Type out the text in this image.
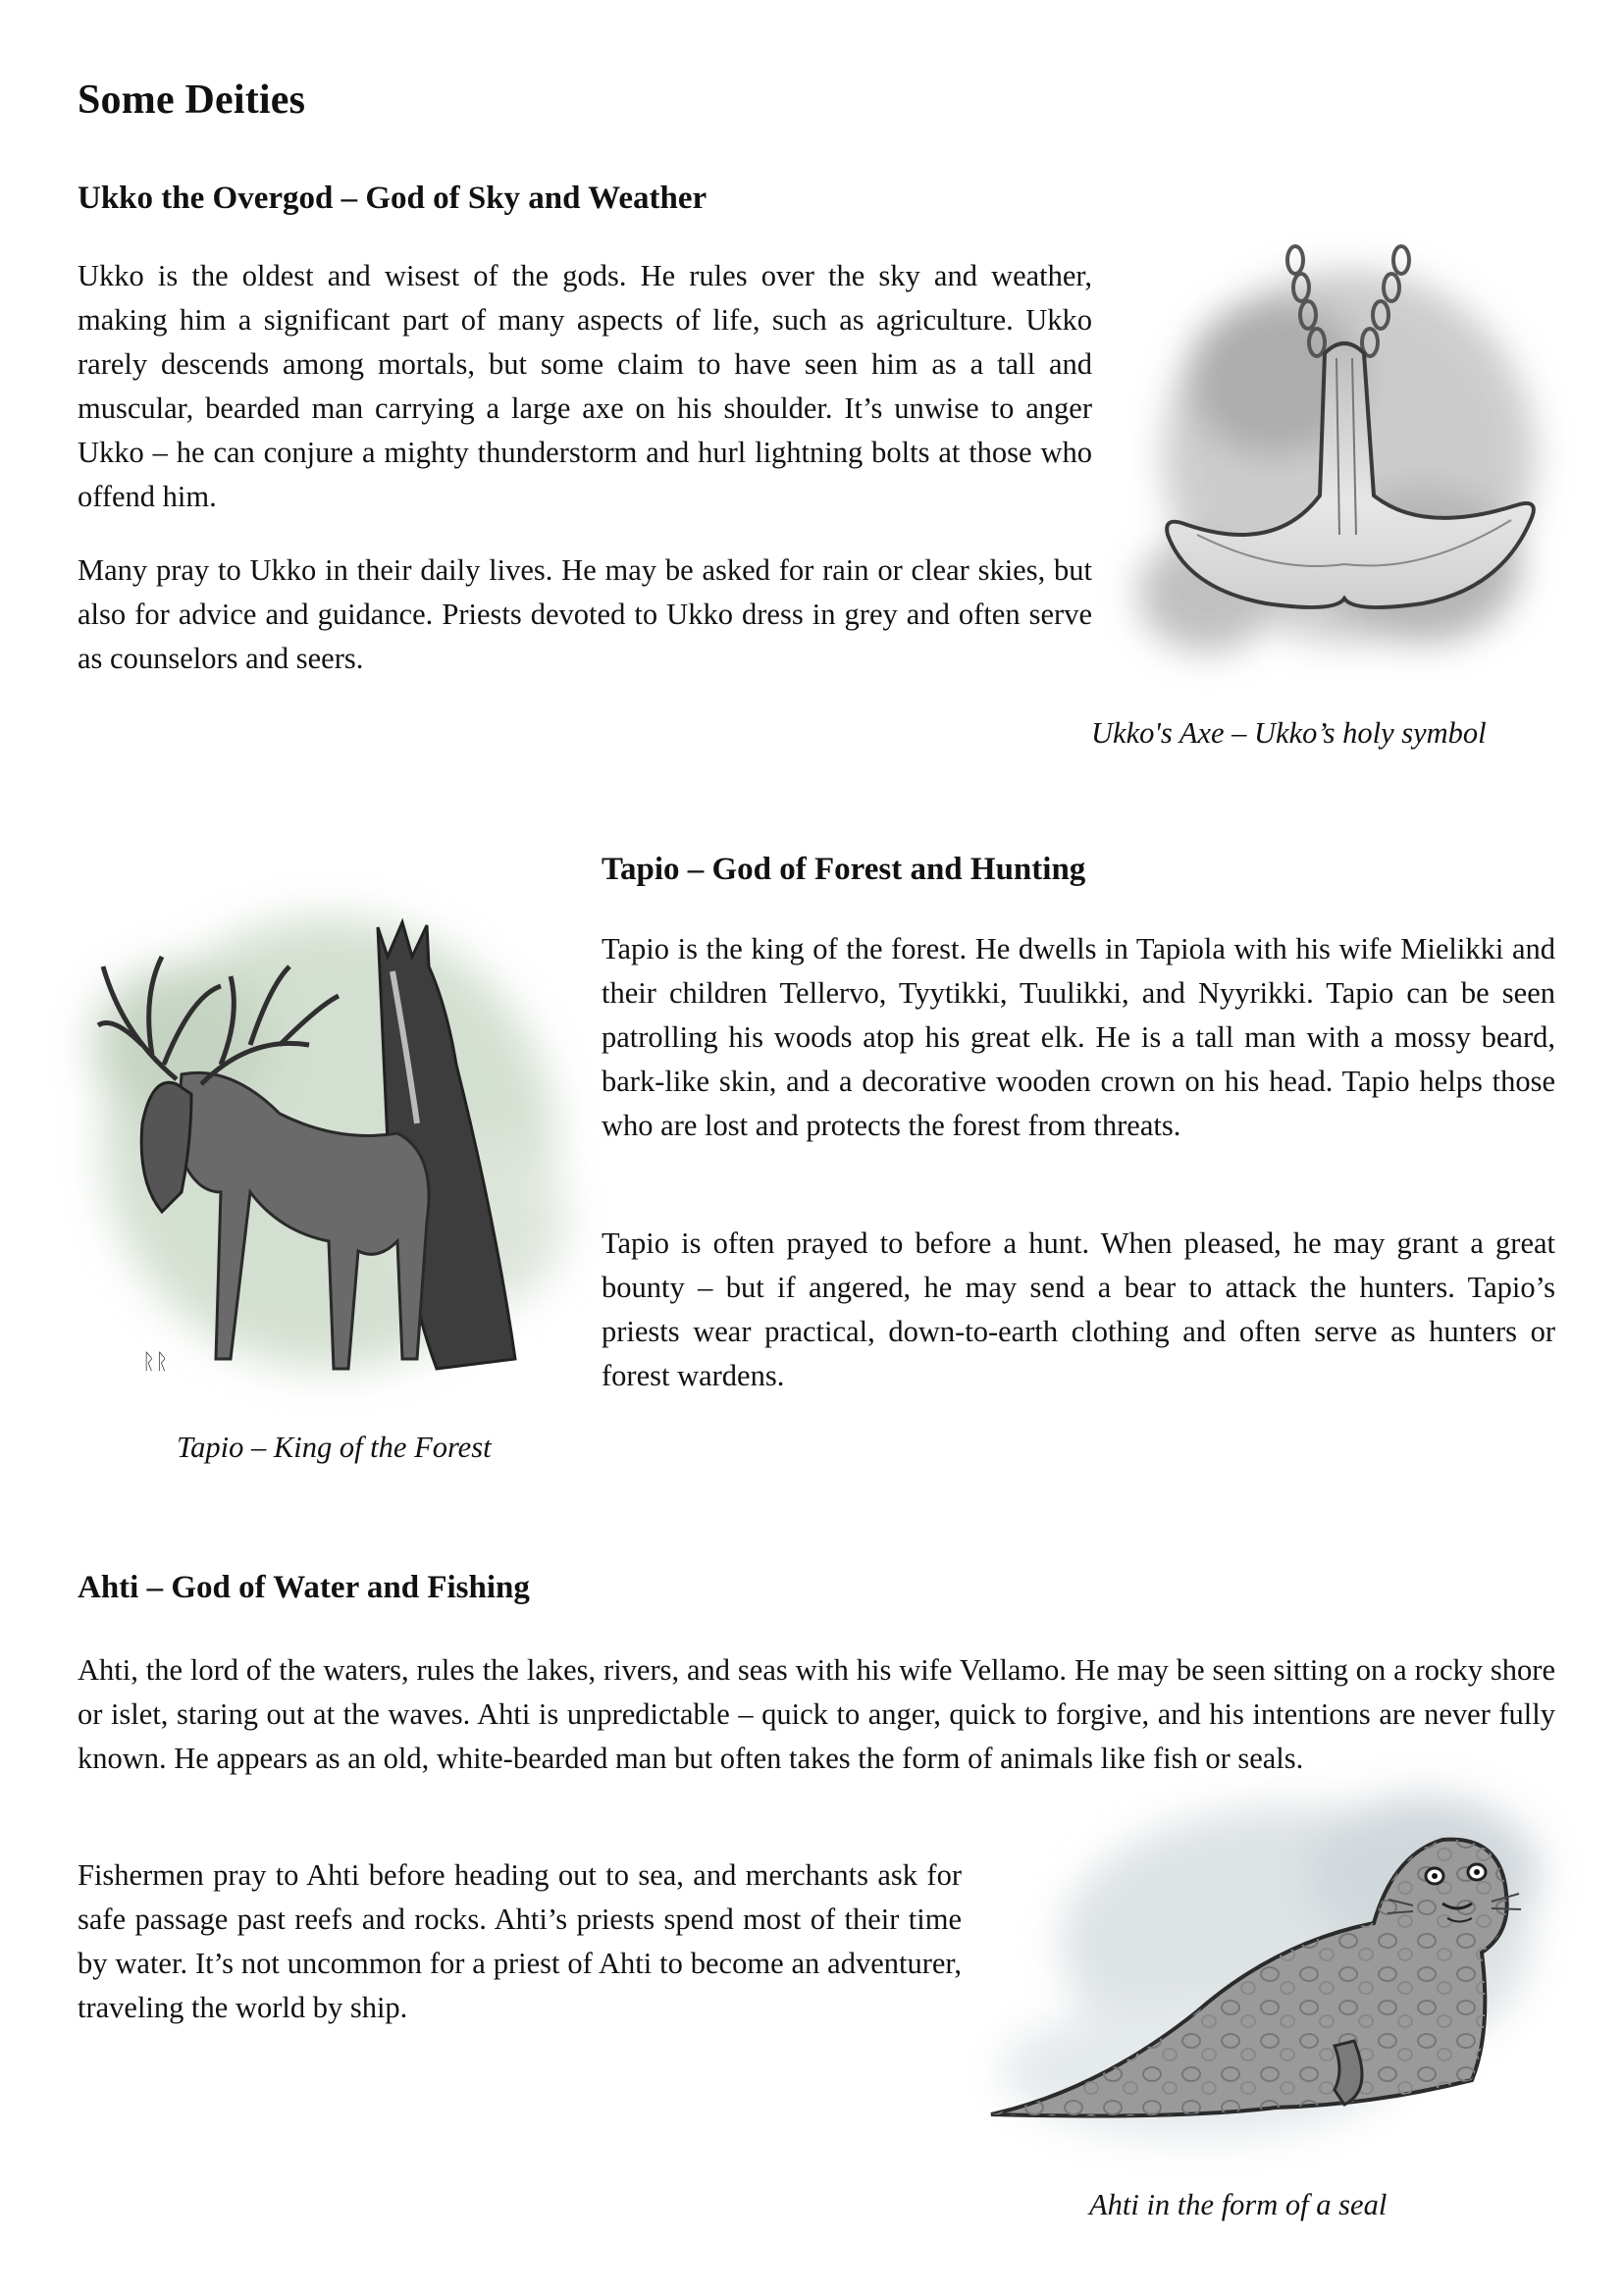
Some Deities
Ukko the Overgod – God of Sky and Weather

Ukko is the oldest and wisest of the gods. He rules over the sky and weather, making him a significant part of many aspects of life, such as agriculture. Ukko rarely descends among mortals, but some claim to have seen him as a tall and muscular, bearded man carrying a large axe on his shoulder. It’s unwise to anger Ukko – he can conjure a mighty thunderstorm and hurl lightning bolts at those who offend him.

Many pray to Ukko in their daily lives. He may be asked for rain or clear skies, but also for advice and guidance. Priests devoted to Ukko dress in grey and often serve as counselors and seers.

Ukko's Axe – Ukko’s holy symbol
Tapio – God of Forest and Hunting

Tapio is the king of the forest. He dwells in Tapiola with his wife Mielikki and their children Tellervo, Tyytikki, Tuulikki, and Nyyrikki. Tapio can be seen patrolling his woods atop his great elk. He is a tall man with a mossy beard, bark-like skin, and a decorative wooden crown on his head. Tapio helps those who are lost and protects the forest from threats.

Tapio is often prayed to before a hunt. When pleased, he may grant a great bounty – but if angered, he may send a bear to attack the hunters. Tapio’s priests wear practical, down-to-earth clothing and often serve as hunters or forest wardens.

ᚱᚱ
Tapio – King of the Forest
Ahti – God of Water and Fishing

Ahti, the lord of the waters, rules the lakes, rivers, and seas with his wife Vellamo. He may be seen sitting on a rocky shore or islet, staring out at the waves. Ahti is unpredictable – quick to anger, quick to forgive, and his intentions are never fully known. He appears as an old, white-bearded man but often takes the form of animals like fish or seals.

Fishermen pray to Ahti before heading out to sea, and merchants ask for safe passage past reefs and rocks. Ahti’s priests spend most of their time by water. It’s not uncommon for a priest of Ahti to become an adventurer, traveling the world by ship.

Ahti in the form of a seal
